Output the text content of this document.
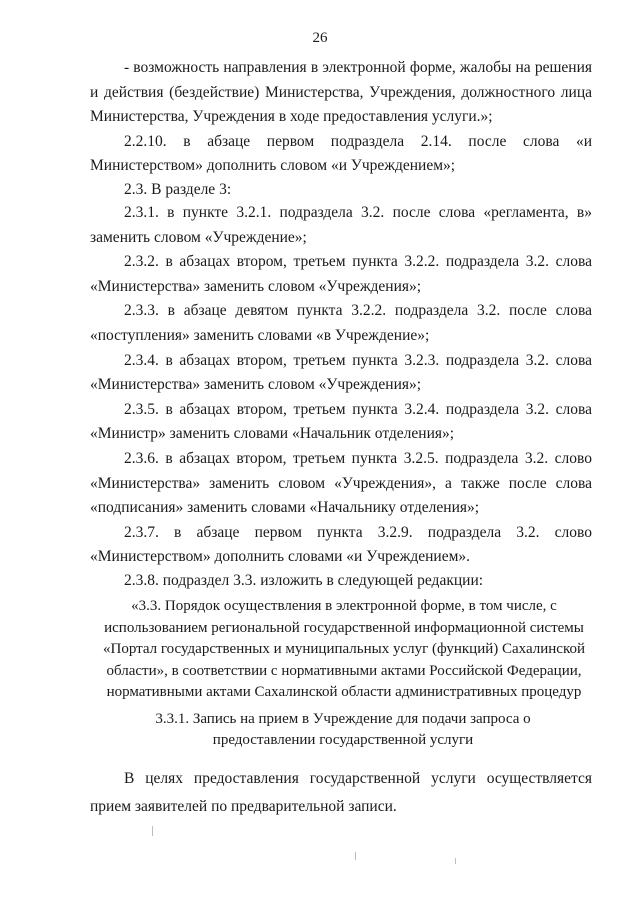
26

- возможность направления в электронной форме, жалобы на решения и действия (бездействие) Министерства, Учреждения, должностного лица Министерства, Учреждения в ходе предоставления услуги.»;

2.2.10. в абзаце первом подраздела 2.14. после слова «и Министерством» дополнить словом «и Учреждением»;

2.3. В разделе 3:

2.3.1. в пункте 3.2.1. подраздела 3.2. после слова «регламента, в» заменить словом «Учреждение»;

2.3.2. в абзацах втором, третьем пункта 3.2.2. подраздела 3.2. слова «Министерства» заменить словом «Учреждения»;

2.3.3. в абзаце девятом пункта 3.2.2. подраздела 3.2. после слова «поступления» заменить словами «в Учреждение»;

2.3.4. в абзацах втором, третьем пункта 3.2.3. подраздела 3.2. слова «Министерства» заменить словом «Учреждения»;

2.3.5. в абзацах втором, третьем пункта 3.2.4. подраздела 3.2. слова «Министр» заменить словами «Начальник отделения»;

2.3.6. в абзацах втором, третьем пункта 3.2.5. подраздела 3.2. слово «Министерства» заменить словом «Учреждения», а также после слова «подписания» заменить словами «Начальнику отделения»;

2.3.7. в абзаце первом пункта 3.2.9. подраздела 3.2. слово «Министерством» дополнить словами «и Учреждением».

2.3.8. подраздел 3.3. изложить в следующей редакции:

«3.3. Порядок осуществления в электронной форме, в том числе, с использованием региональной государственной информационной системы «Портал государственных и муниципальных услуг (функций) Сахалинской области», в соответствии с нормативными актами Российской Федерации, нормативными актами Сахалинской области административных процедур
3.3.1. Запись на прием в Учреждение для подачи запроса о предоставлении государственной услуги

В целях предоставления государственной услуги осуществляется прием заявителей по предварительной записи.
